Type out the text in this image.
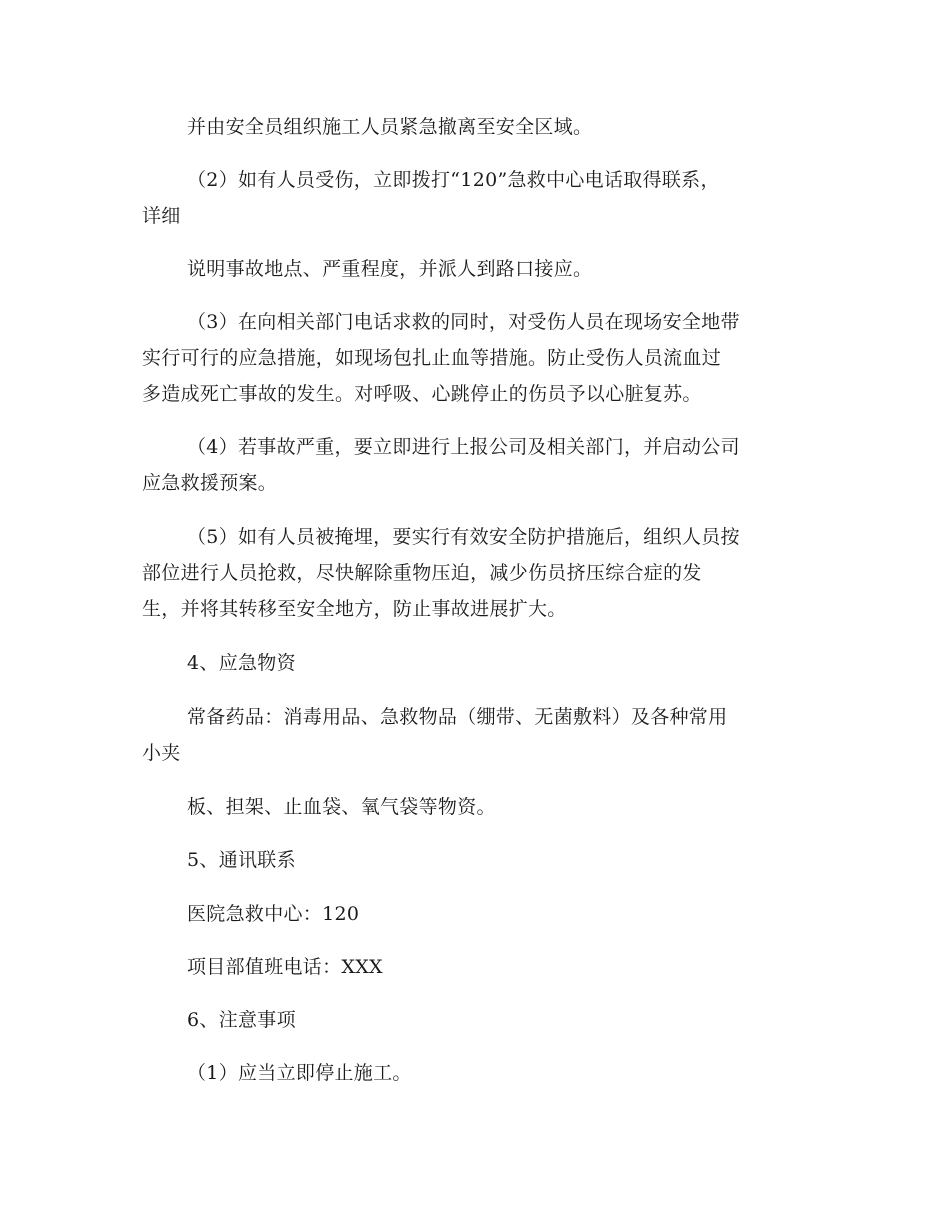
并由安全员组织施工人员紧急撤离至安全区域。
（2）如有人员受伤，立即拨打“120”急救中心电话取得联系，
详细
说明事故地点、严重程度，并派人到路口接应。
（3）在向相关部门电话求救的同时，对受伤人员在现场安全地带
实行可行的应急措施，如现场包扎止血等措施。防止受伤人员流血过
多造成死亡事故的发生。对呼吸、心跳停止的伤员予以心脏复苏。
（4）若事故严重，要立即进行上报公司及相关部门，并启动公司
应急救援预案。
（5）如有人员被掩埋，要实行有效安全防护措施后，组织人员按
部位进行人员抢救，尽快解除重物压迫，减少伤员挤压综合症的发
生，并将其转移至安全地方，防止事故进展扩大。
4、应急物资
常备药品：消毒用品、急救物品（绷带、无菌敷料）及各种常用
小夹
板、担架、止血袋、氧气袋等物资。
5、通讯联系
医院急救中心：120
项目部值班电话：XXX
6、注意事项
（1）应当立即停止施工。
